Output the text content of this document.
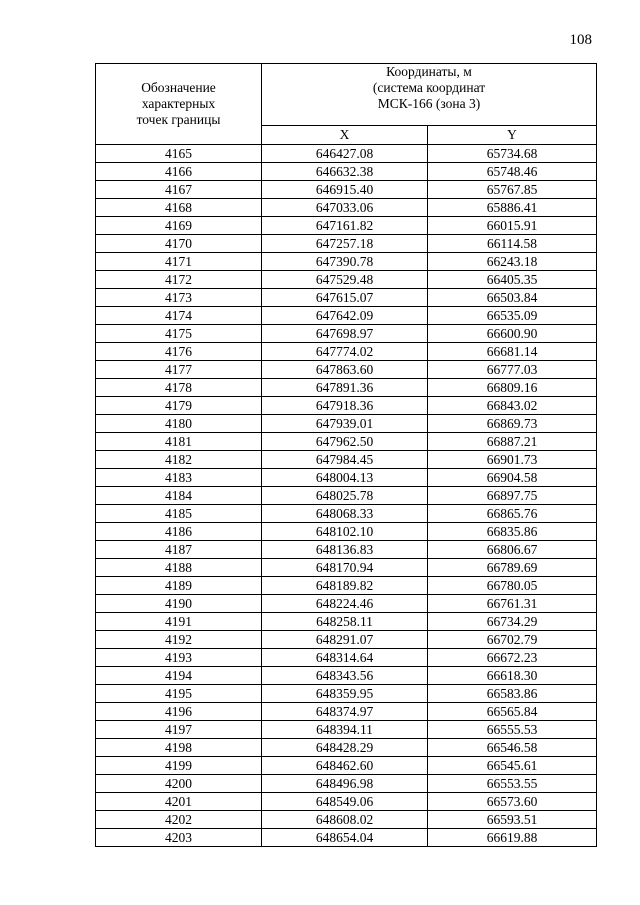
108
Обозначение
характерных
точек границы	Координаты, м
(система координат
МСК-166 (зона 3)	
	X	Y
4165	646427.08	65734.68
4166	646632.38	65748.46
4167	646915.40	65767.85
4168	647033.06	65886.41
4169	647161.82	66015.91
4170	647257.18	66114.58
4171	647390.78	66243.18
4172	647529.48	66405.35
4173	647615.07	66503.84
4174	647642.09	66535.09
4175	647698.97	66600.90
4176	647774.02	66681.14
4177	647863.60	66777.03
4178	647891.36	66809.16
4179	647918.36	66843.02
4180	647939.01	66869.73
4181	647962.50	66887.21
4182	647984.45	66901.73
4183	648004.13	66904.58
4184	648025.78	66897.75
4185	648068.33	66865.76
4186	648102.10	66835.86
4187	648136.83	66806.67
4188	648170.94	66789.69
4189	648189.82	66780.05
4190	648224.46	66761.31
4191	648258.11	66734.29
4192	648291.07	66702.79
4193	648314.64	66672.23
4194	648343.56	66618.30
4195	648359.95	66583.86
4196	648374.97	66565.84
4197	648394.11	66555.53
4198	648428.29	66546.58
4199	648462.60	66545.61
4200	648496.98	66553.55
4201	648549.06	66573.60
4202	648608.02	66593.51
4203	648654.04	66619.88
